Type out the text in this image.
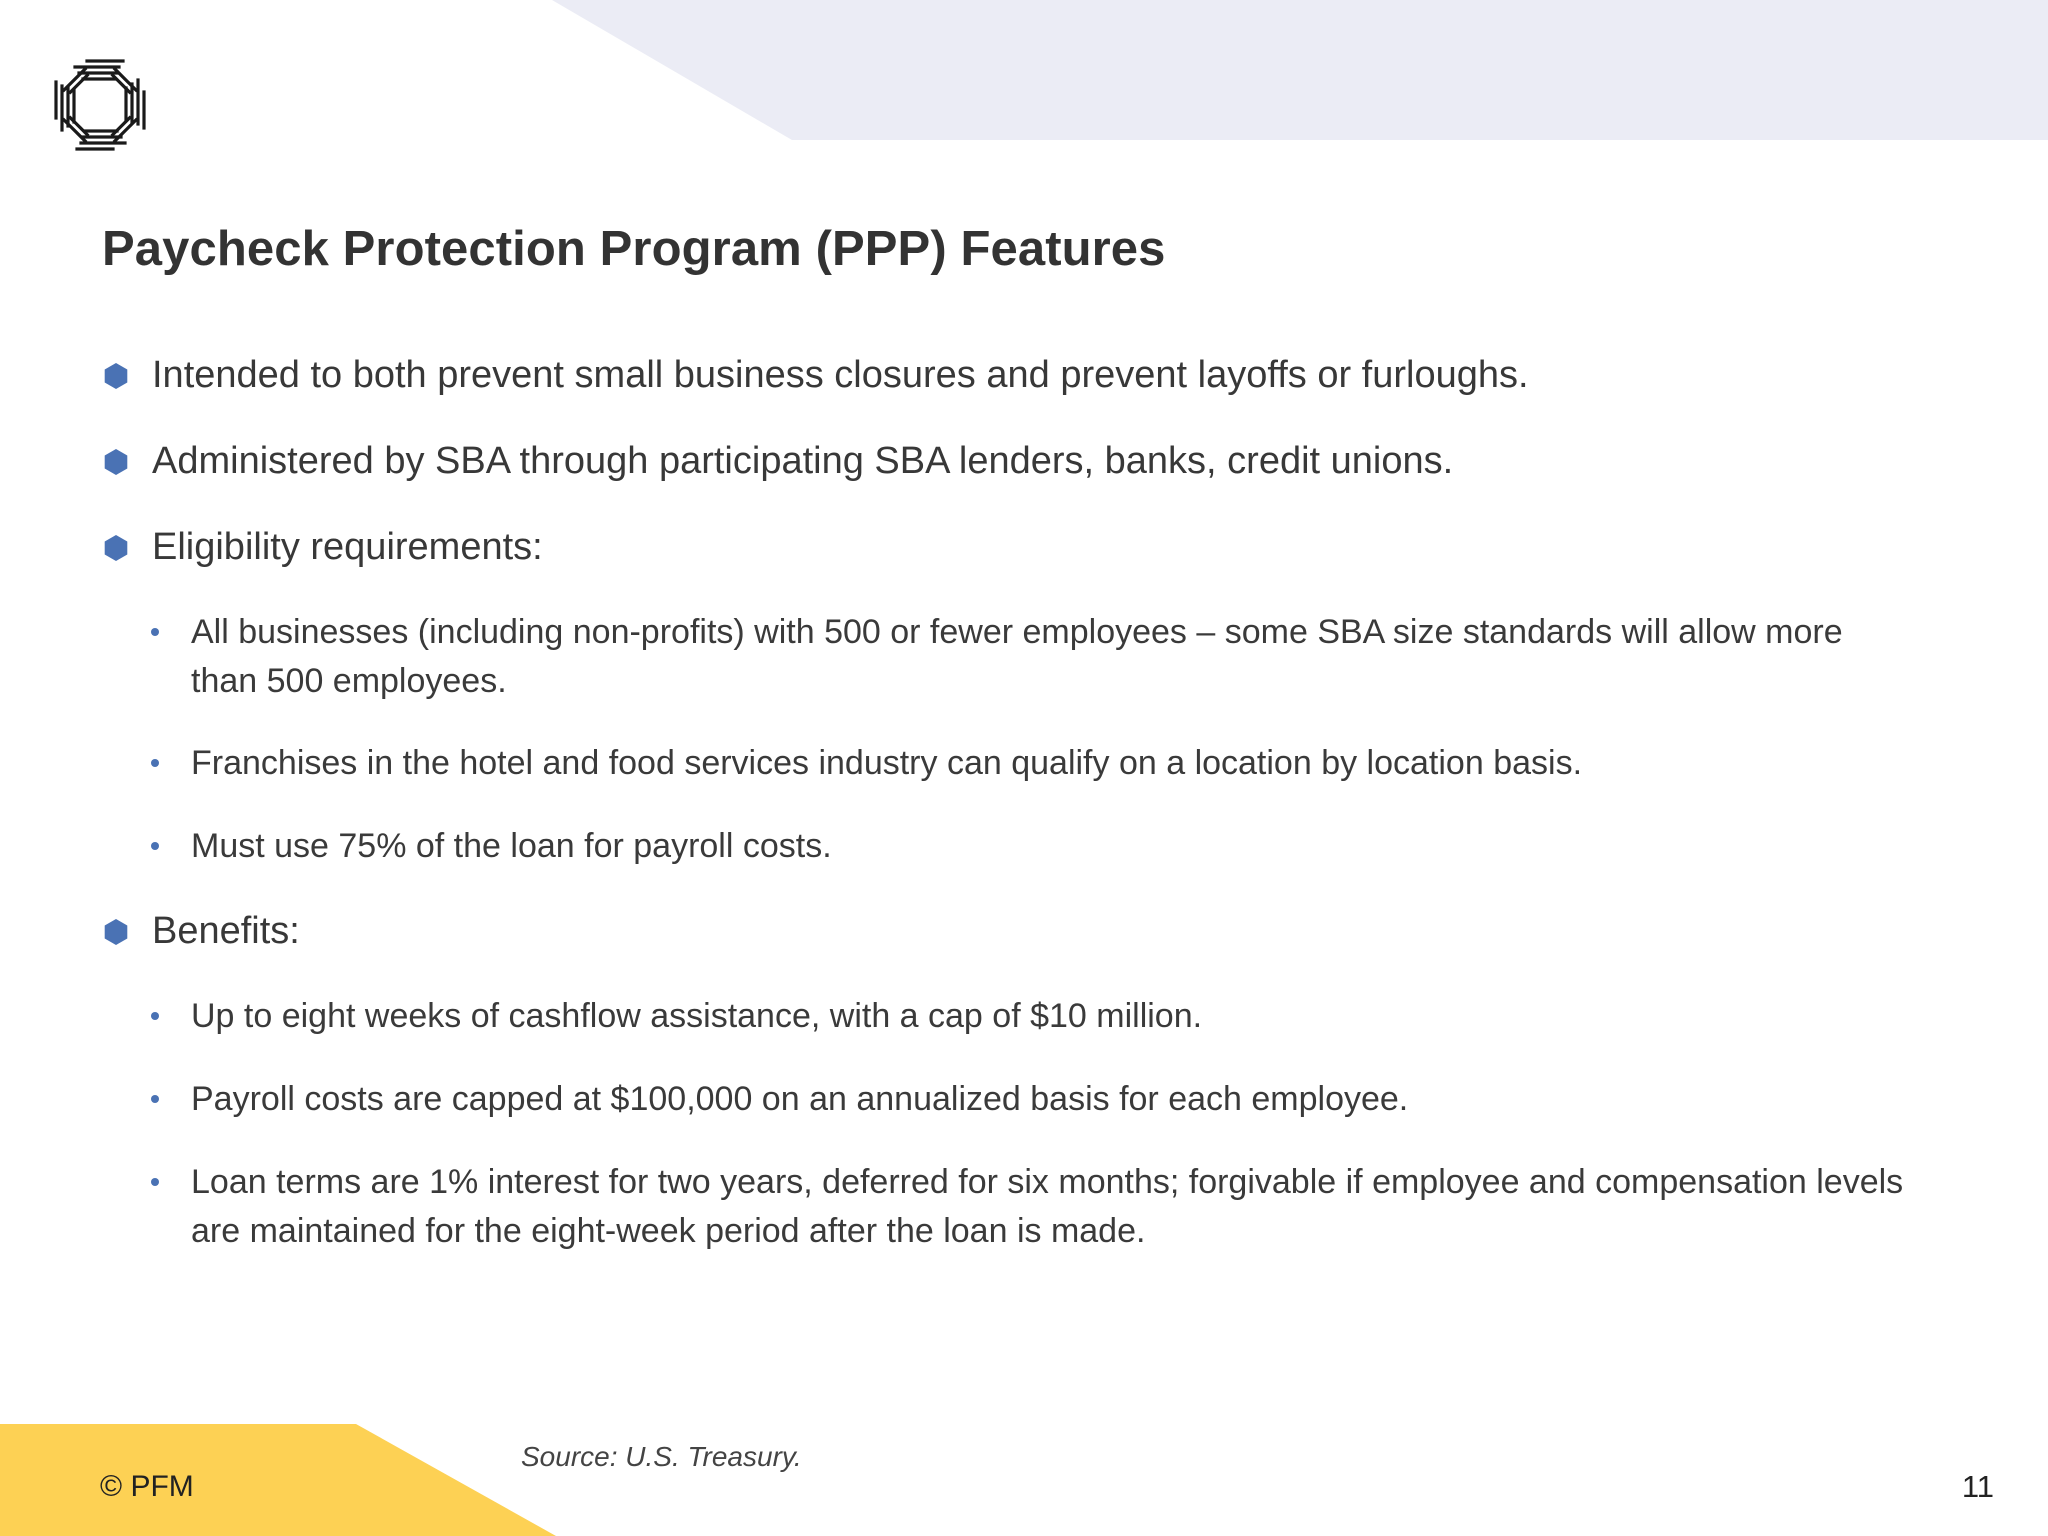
Paycheck Protection Program (PPP) Features
Intended to both prevent small business closures and prevent layoffs or furloughs.
Administered by SBA through participating SBA lenders, banks, credit unions.
Eligibility requirements:
All businesses (including non-profits) with 500 or fewer employees – some SBA size standards will allow more than 500 employees.
Franchises in the hotel and food services industry can qualify on a location by location basis.
Must use 75% of the loan for payroll costs.
Benefits:
Up to eight weeks of cashflow assistance, with a cap of $10 million.
Payroll costs are capped at $100,000 on an annualized basis for each employee.
Loan terms are 1% interest for two years, deferred for six months; forgivable if employee and compensation levels are maintained for the eight-week period after the loan is made.
Source: U.S. Treasury.
© PFM	11
